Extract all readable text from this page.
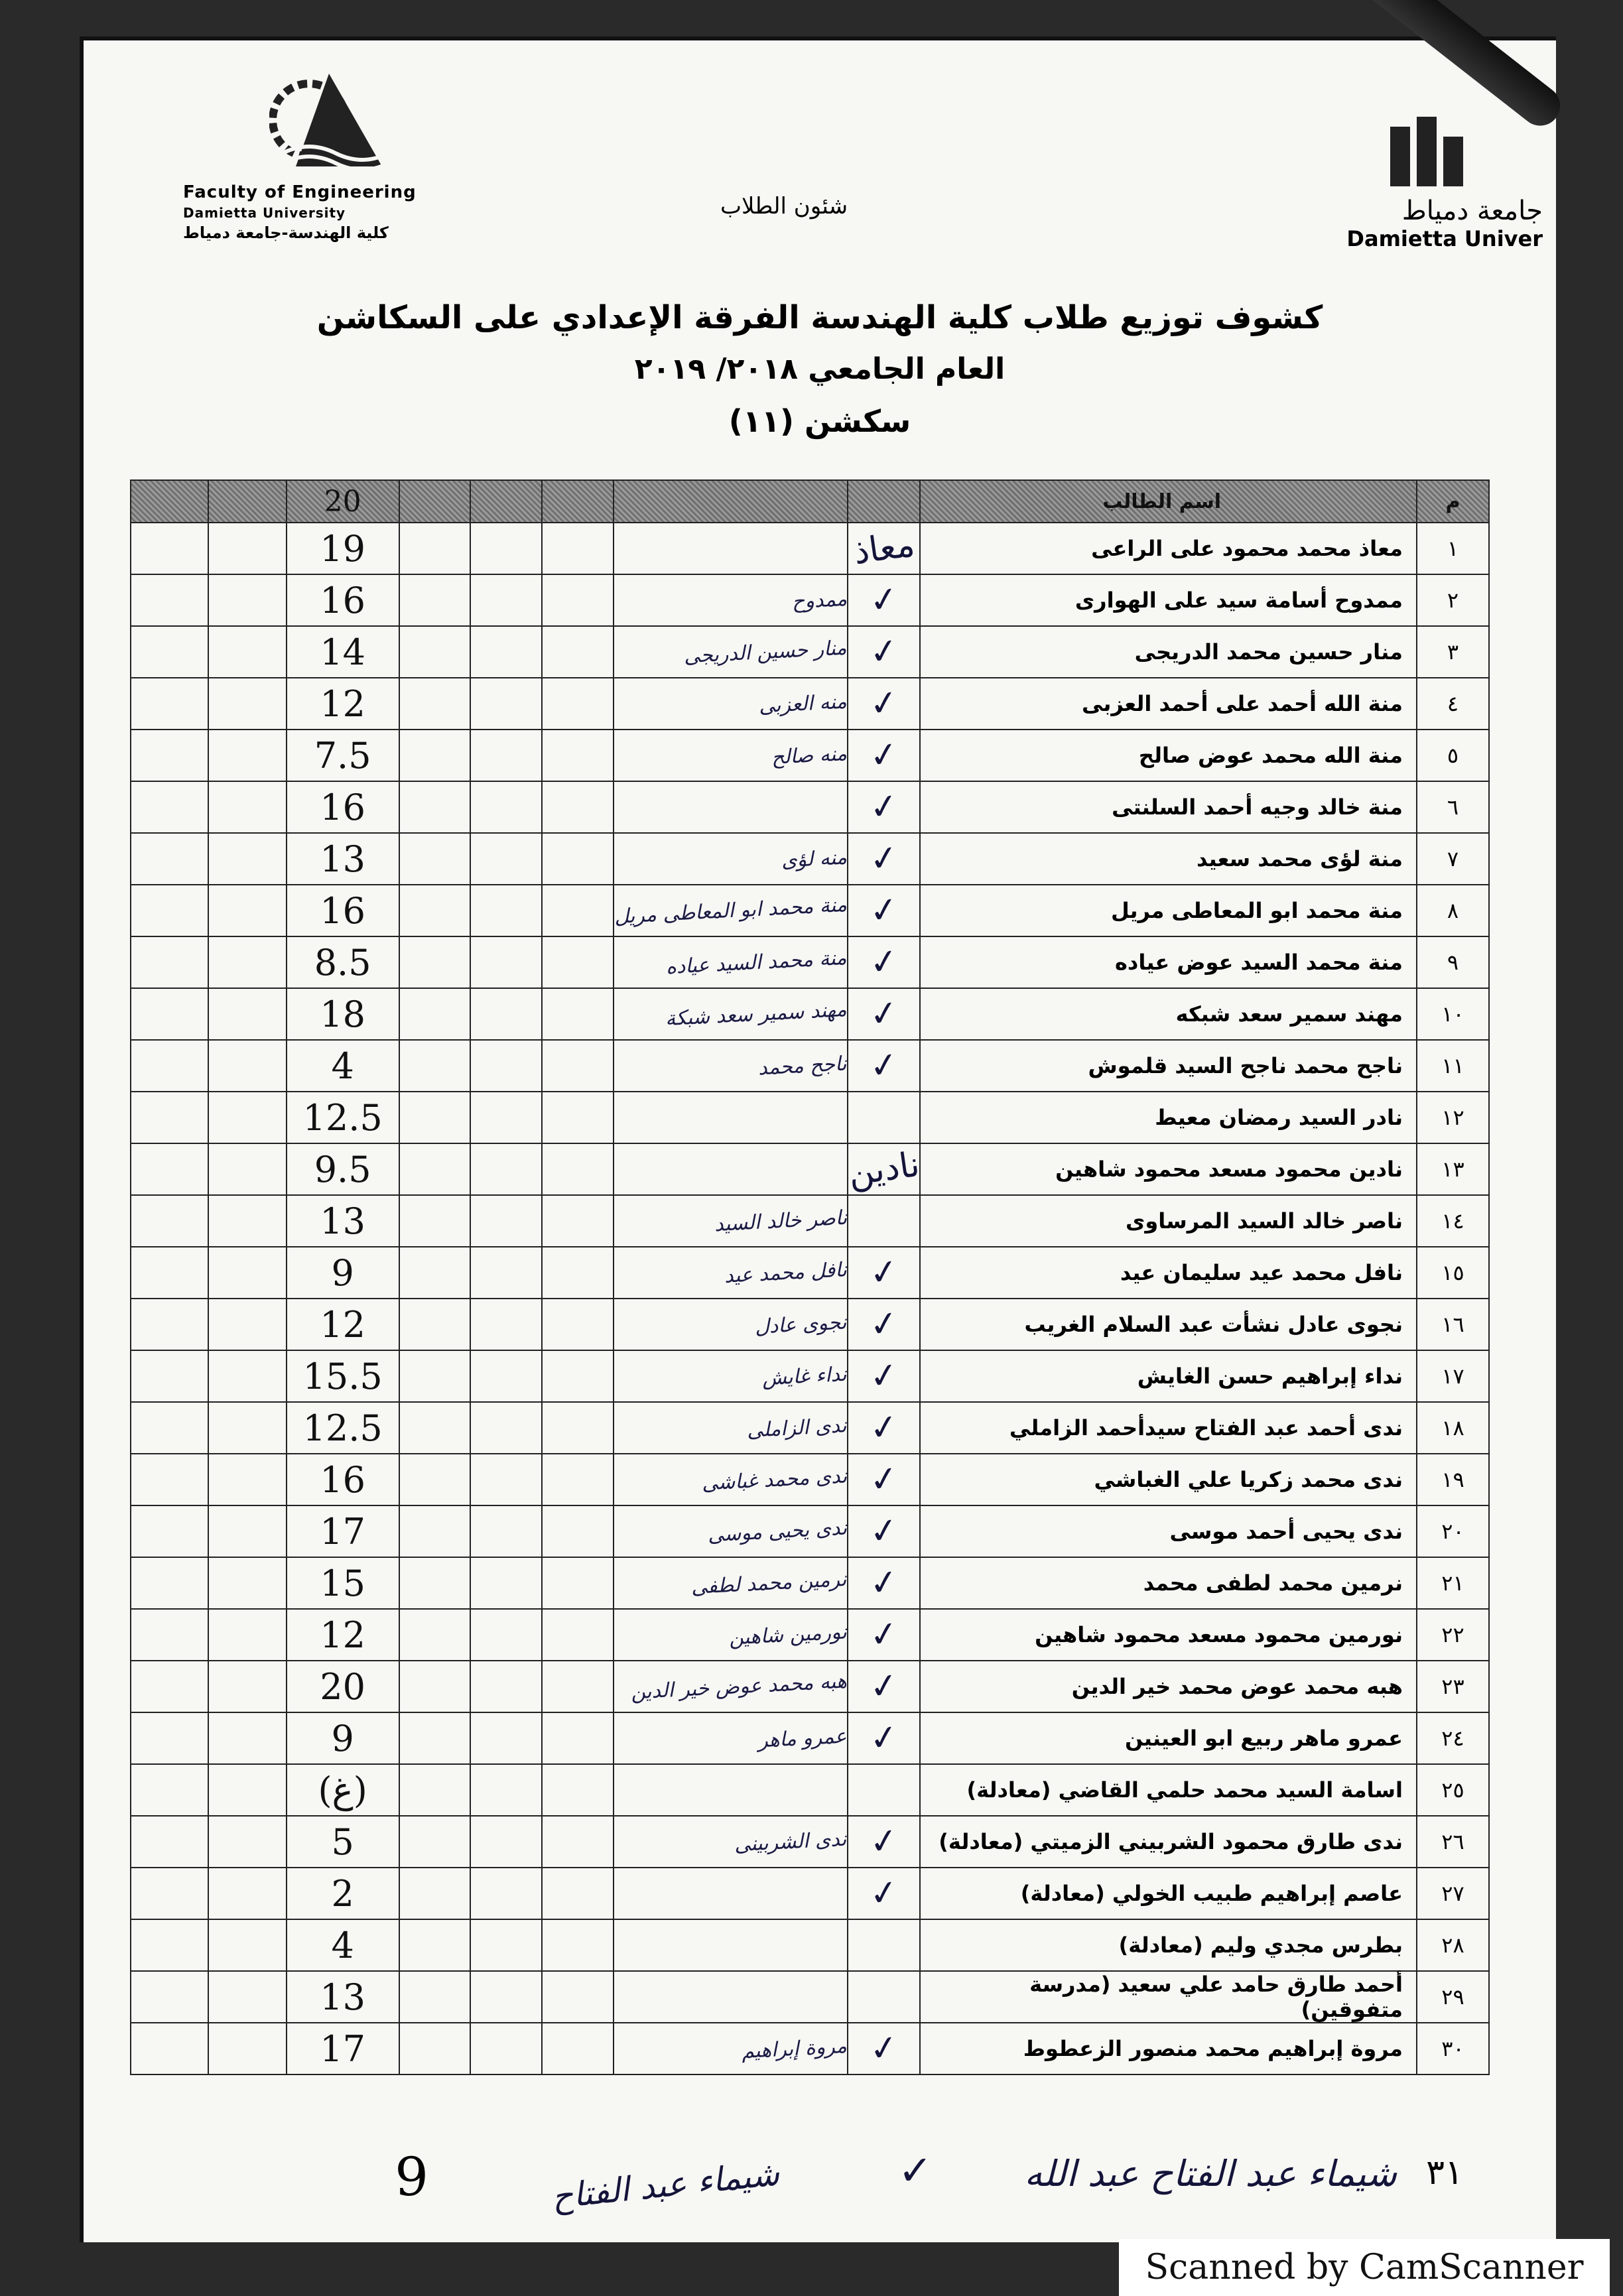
Faculty of Engineering
Damietta University
كلية الهندسة-جامعة دمياط
شئون الطلاب	جامعة دمياط
Damietta Univer
كشوف توزيع طلاب كلية الهندسة الفرقة الإعدادي على السكاشن
العام الجامعي ٢٠١٨/ ٢٠١٩
سكشن (١١)
م	اسم الطالب						20		
١	معاذ محمد محمود على الراعى	معاذ					19		
٢	ممدوح أسامة سيد على الهوارى	✓	ممدوح				16		
٣	منار حسين محمد الدريجى	✓	منار حسين الدريجى				14		
٤	منة الله أحمد على أحمد العزبى	✓	منه العزبى				12		
٥	منة الله محمد عوض صالح	✓	منه صالح				7.5		
٦	منة خالد وجيه أحمد السلنتى	✓					16		
٧	منة لؤى محمد سعيد	✓	منه لؤى				13		
٨	منة محمد ابو المعاطى مريل	✓	منة محمد ابو المعاطى مريل				16		
٩	منة محمد السيد عوض عياده	✓	منة محمد السيد عياده				8.5		
١٠	مهند سمير سعد شبكه	✓	مهند سمير سعد شبكة				18		
١١	ناجح محمد ناجح السيد قلموش	✓	ناجح محمد				4		
١٢	نادر السيد رمضان معيط						12.5		
١٣	نادين محمود مسعد محمود شاهين	نادين					9.5		
١٤	ناصر خالد السيد المرساوى		ناصر خالد السيد				13		
١٥	نافل محمد عيد سليمان عيد	✓	نافل محمد عيد				9		
١٦	نجوى عادل نشأت عبد السلام الغريب	✓	نجوى عادل				12		
١٧	نداء إبراهيم حسن الغايش	✓	نداء غايش				15.5		
١٨	ندى أحمد عبد الفتاح سيدأحمد الزاملي	✓	ندى الزاملى				12.5		
١٩	ندى محمد زكريا علي الغباشي	✓	ندى محمد غباشى				16		
٢٠	ندى يحيى أحمد موسى	✓	ندى يحيى موسى				17		
٢١	نرمين محمد لطفى محمد	✓	نرمين محمد لطفى				15		
٢٢	نورمين محمود مسعد محمود شاهين	✓	نورمين شاهين				12		
٢٣	هبه محمد عوض محمد خير الدين	✓	هبه محمد عوض خير الدين				20		
٢٤	عمرو ماهر ربيع ابو العينين	✓	عمرو ماهر				9		
٢٥	اسامة السيد محمد حلمي القاضي (معادلة)						(غ)		
٢٦	ندى طارق محمود الشربيني الزميتي (معادلة)	✓	ندى الشربينى				5		
٢٧	عاصم إبراهيم طبيب الخولي (معادلة)	✓					2		
٢٨	بطرس مجدي وليم (معادلة)						4		
٢٩	أحمد طارق حامد علي سعيد (مدرسة متفوقين)						13		
٣٠	مروة إبراهيم محمد منصور الزعطوط	✓	مروة إبراهيم				17		
٣١
شيماء عبد الفتاح عبد الله
✓
شيماء عبد الفتاح
9
Scanned by CamScanner
